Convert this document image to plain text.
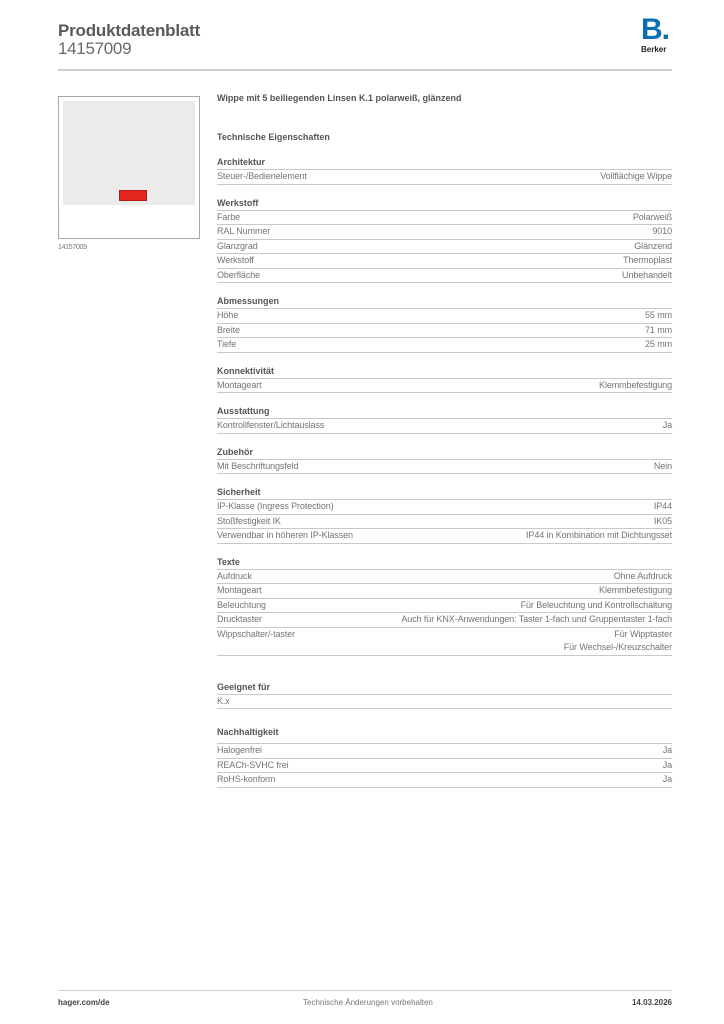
Produktdatenblatt
14157009
B.
Berker
14157009
Wippe mit 5 beiliegenden Linsen K.1 polarweiß, glänzend
Technische Eigenschaften
Architektur
Steuer-/Bedienelement	Vollflächige Wippe
Werkstoff
Farbe	Polarweiß
RAL Nummer	9010
Glanzgrad	Glänzend
Werkstoff	Thermoplast
Oberfläche	Unbehandelt
Abmessungen
Höhe	55 mm
Breite	71 mm
Tiefe	25 mm
Konnektivität
Montageart	Klemmbefestigung
Ausstattung
Kontrollfenster/Lichtauslass	Ja
Zubehör
Mit Beschriftungsfeld	Nein
Sicherheit
IP-Klasse (Ingress Protection)	IP44
Stoßfestigkeit IK	IK05
Verwendbar in höheren IP-Klassen	IP44 in Kombination mit Dichtungsset
Texte
Aufdruck	Ohne Aufdruck
Montageart	Klemmbefestigung
Beleuchtung	Für Beleuchtung und Kontrollschaltung
Drucktaster	Auch für KNX-Anwendungen: Taster 1-fach und Gruppentaster 1-fach
Wippschalter/-taster	Für Wipptaster
Für Wechsel-/Kreuzschalter
Geeignet für
K.x
Nachhaltigkeit
Halogenfrei	Ja
REACh-SVHC frei	Ja
RoHS-konform	Ja
hager.com/de	Technische Änderungen vorbehalten	14.03.2026
